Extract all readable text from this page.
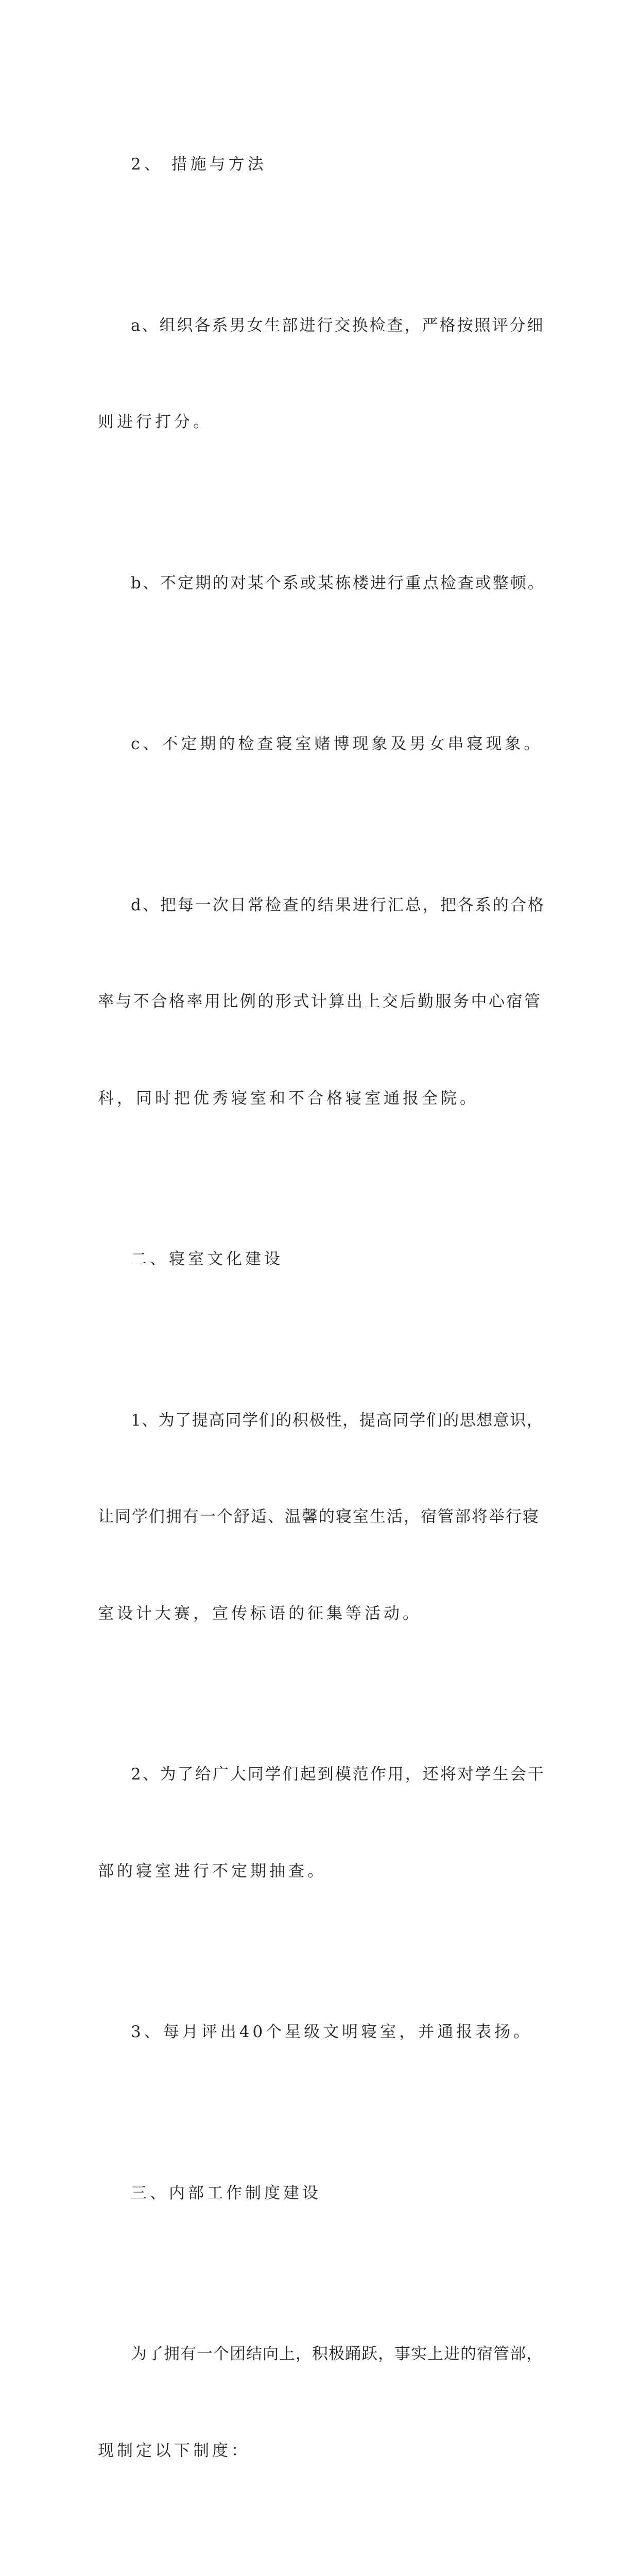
2、 措施与方法

a、组织各系男女生部进行交换检查，严格按照评分细

则进行打分。

b、不定期的对某个系或某栋楼进行重点检查或整顿。

c、不定期的检查寝室赌博现象及男女串寝现象。

d、把每一次日常检查的结果进行汇总，把各系的合格

率与不合格率用比例的形式计算出上交后勤服务中心宿管

科，同时把优秀寝室和不合格寝室通报全院。

二、寝室文化建设

1、为了提高同学们的积极性，提高同学们的思想意识，

让同学们拥有一个舒适、温馨的寝室生活，宿管部将举行寝

室设计大赛，宣传标语的征集等活动。

2、为了给广大同学们起到模范作用，还将对学生会干

部的寝室进行不定期抽查。

3、每月评出40个星级文明寝室，并通报表扬。

三、内部工作制度建设

为了拥有一个团结向上，积极踊跃，事实上进的宿管部，

现制定以下制度：
